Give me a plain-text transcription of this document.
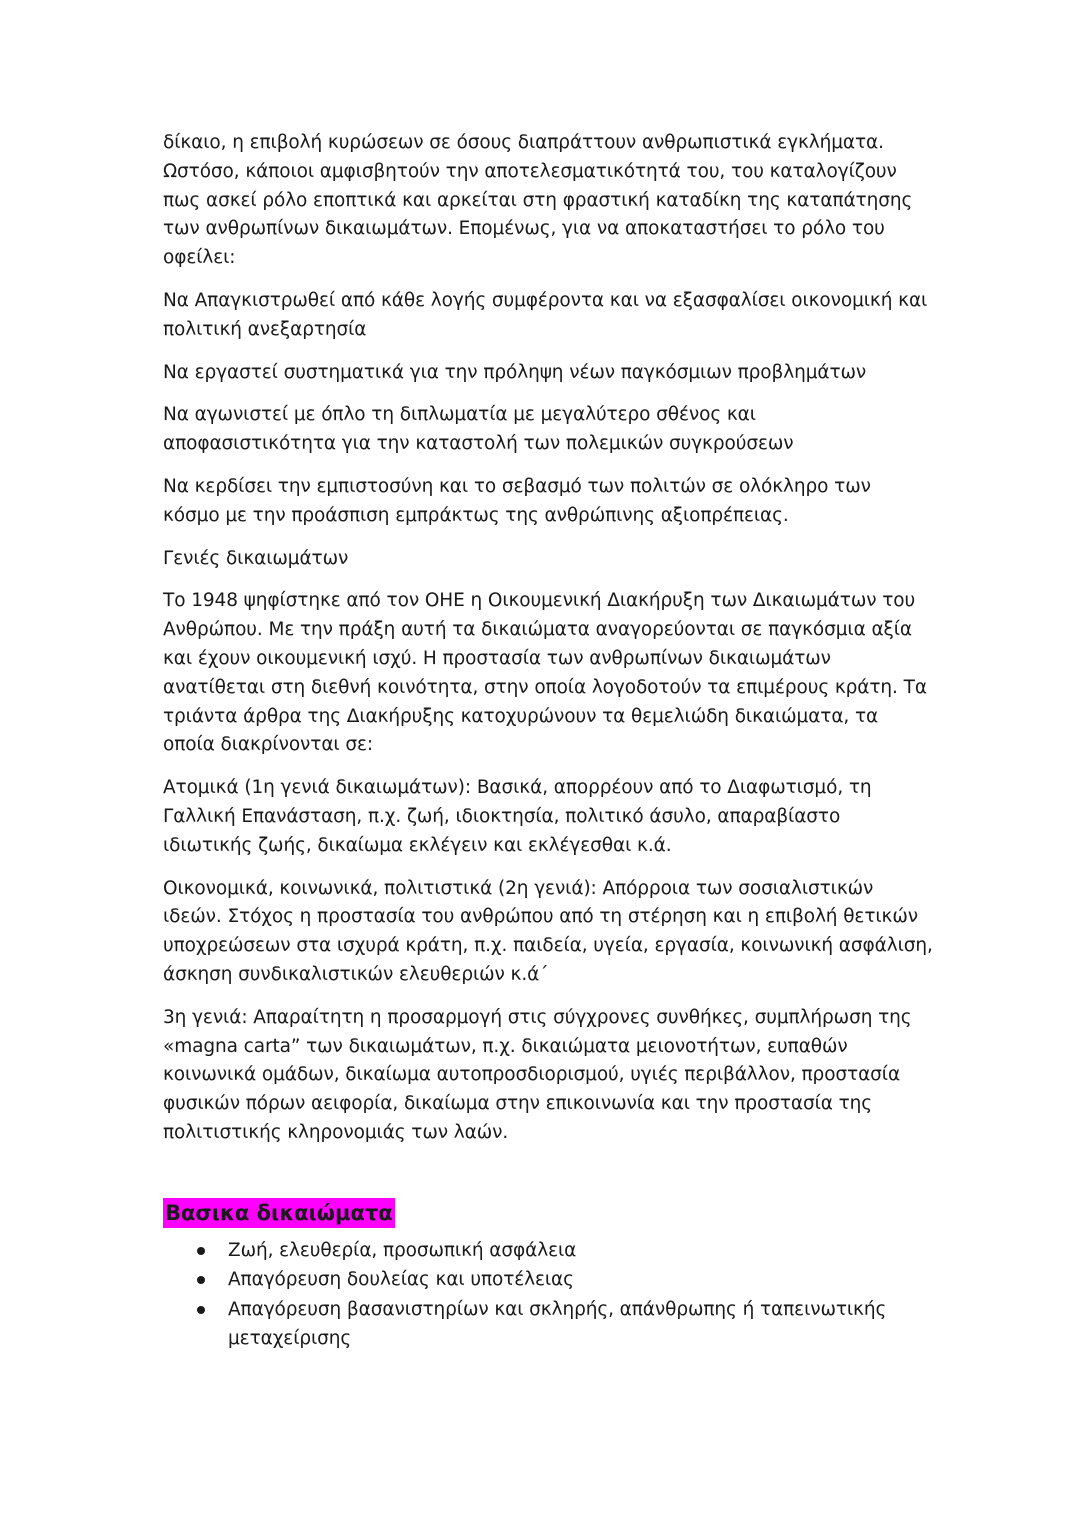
δίκαιο, η επιβολή κυρώσεων σε όσους διαπράττουν ανθρωπιστικά εγκλήματα. Ωστόσο, κάποιοι αμφισβητούν την αποτελεσματικότητά του, του καταλογίζουν πως ασκεί ρόλο εποπτικά και αρκείται στη φραστική καταδίκη της καταπάτησης των ανθρωπίνων δικαιωμάτων. Επομένως, για να αποκαταστήσει το ρόλο του οφείλει:

Να Απαγκιστρωθεί από κάθε λογής συμφέροντα και να εξασφαλίσει οικονομική και πολιτική ανεξαρτησία

Να εργαστεί συστηματικά για την πρόληψη νέων παγκόσμιων προβλημάτων

Να αγωνιστεί με όπλο τη διπλωματία με μεγαλύτερο σθένος και αποφασιστικότητα για την καταστολή των πολεμικών συγκρούσεων

Να κερδίσει την εμπιστοσύνη και το σεβασμό των πολιτών σε ολόκληρο των κόσμο με την προάσπιση εμπράκτως της ανθρώπινης αξιοπρέπειας.

Γενιές δικαιωμάτων

Το 1948 ψηφίστηκε από τον ΟΗΕ η Οικουμενική Διακήρυξη των Δικαιωμάτων του Ανθρώπου. Με την πράξη αυτή τα δικαιώματα αναγορεύονται σε παγκόσμια αξία και έχουν οικουμενική ισχύ. Η προστασία των ανθρωπίνων δικαιωμάτων ανατίθεται στη διεθνή κοινότητα, στην οποία λογοδοτούν τα επιμέρους κράτη. Τα τριάντα άρθρα της Διακήρυξης κατοχυρώνουν τα θεμελιώδη δικαιώματα, τα οποία διακρίνονται σε:

Ατομικά (1η γενιά δικαιωμάτων): Βασικά, απορρέουν από το Διαφωτισμό, τη Γαλλική Επανάσταση, π.χ. ζωή, ιδιοκτησία, πολιτικό άσυλο, απαραβίαστο ιδιωτικής ζωής, δικαίωμα εκλέγειν και εκλέγεσθαι κ.ά.

Οικονομικά, κοινωνικά, πολιτιστικά (2η γενιά): Απόρροια των σοσιαλιστικών ιδεών. Στόχος η προστασία του ανθρώπου από τη στέρηση και η επιβολή θετικών υποχρεώσεων στα ισχυρά κράτη, π.χ. παιδεία, υγεία, εργασία, κοινωνική ασφάλιση, άσκηση συνδικαλιστικών ελευθεριών κ.ά΄

3η γενιά: Απαραίτητη η προσαρμογή στις σύγχρονες συνθήκες, συμπλήρωση της «magna carta” των δικαιωμάτων, π.χ. δικαιώματα μειονοτήτων, ευπαθών κοινωνικά ομάδων, δικαίωμα αυτοπροσδιορισμού, υγιές περιβάλλον, προστασία φυσικών πόρων αειφορία, δικαίωμα στην επικοινωνία και την προστασία της πολιτιστικής κληρονομιάς των λαών.

Βασικα δικαιώματα
Ζωή, ελευθερία, προσωπική ασφάλεια
Απαγόρευση δουλείας και υποτέλειας
Απαγόρευση βασανιστηρίων και σκληρής, απάνθρωπης ή ταπεινωτικής μεταχείρισης
